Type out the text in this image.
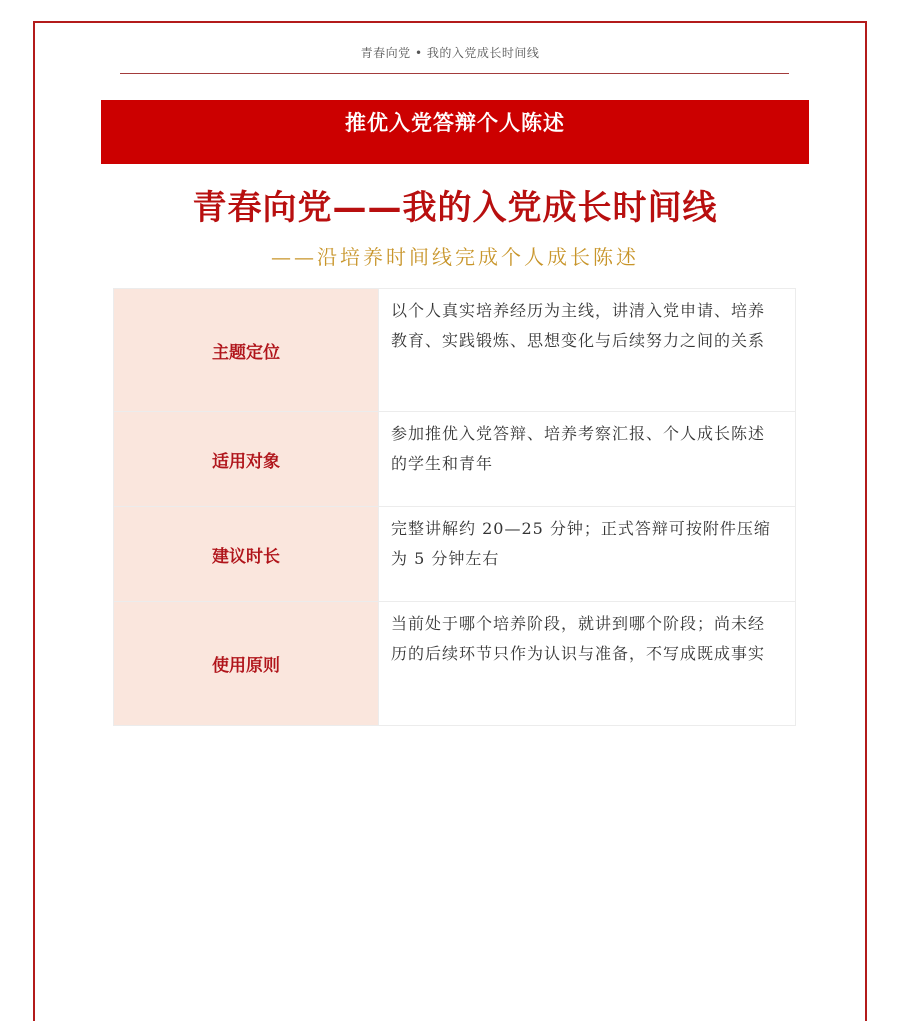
青春向党 • 我的入党成长时间线
推优入党答辩个人陈述
青春向党——我的入党成长时间线
——沿培养时间线完成个人成长陈述
主题定位	以个人真实培养经历为主线，讲清入党申请、培养教育、实践锻炼、思想变化与后续努力之间的关系

适用对象	参加推优入党答辩、培养考察汇报、个人成长陈述的学生和青年

建议时长	完整讲解约 20—25 分钟；正式答辩可按附件压缩为 5 分钟左右

使用原则	当前处于哪个培养阶段，就讲到哪个阶段；尚未经历的后续环节只作为认识与准备，不写成既成事实
